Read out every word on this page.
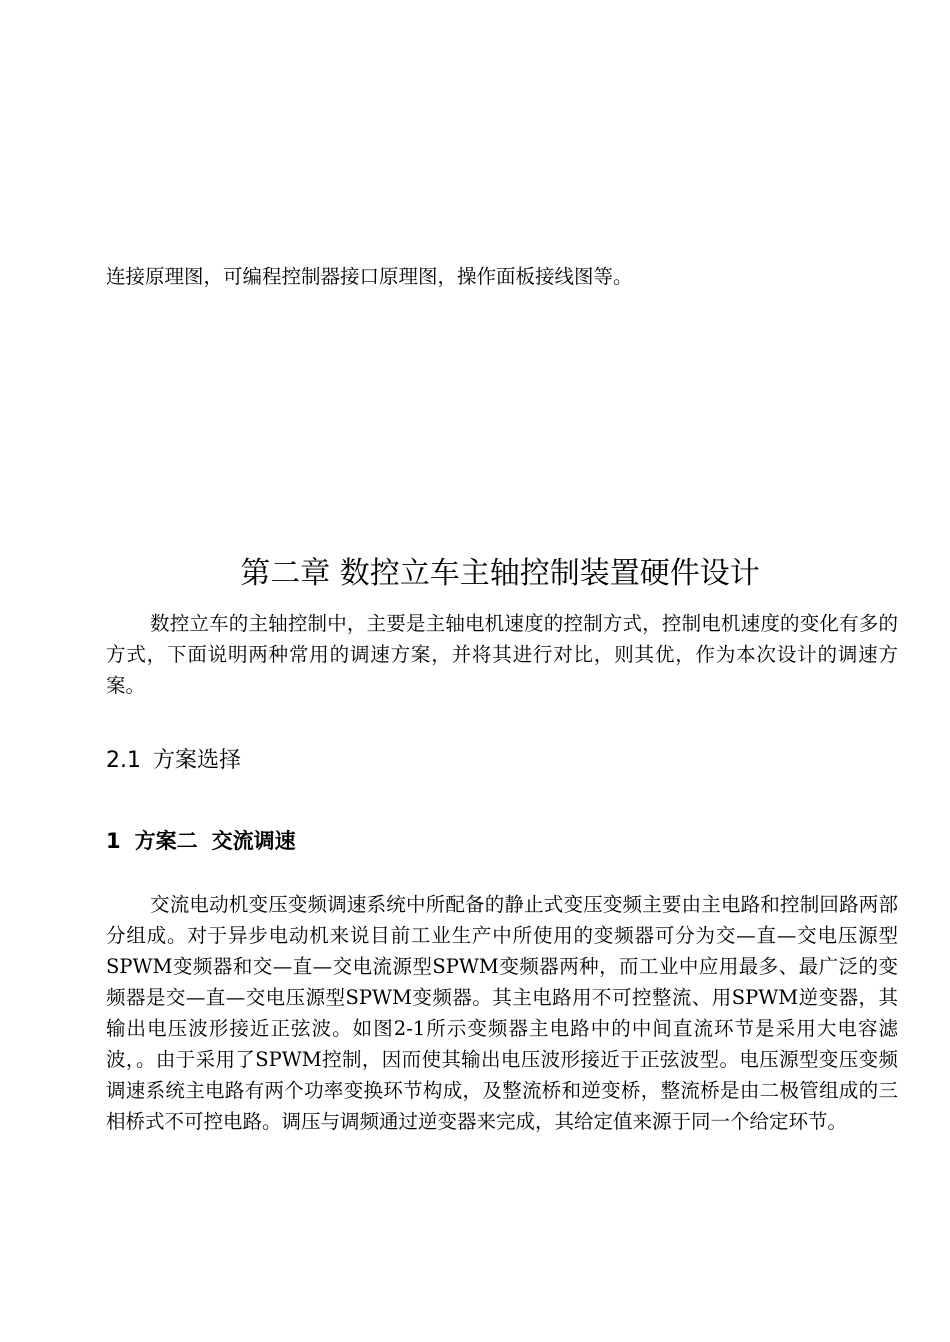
连接原理图，可编程控制器接口原理图，操作面板接线图等。

第二章 数控立车主轴控制装置硬件设计

数控立车的主轴控制中，主要是主轴电机速度的控制方式，控制电机速度的变化有多的方式，下面说明两种常用的调速方案，并将其进行对比，则其优，作为本次设计的调速方案。

2.1 方案选择
1 方案二 交流调速

交流电动机变压变频调速系统中所配备的静止式变压变频主要由主电路和控制回路两部分组成。对于异步电动机来说目前工业生产中所使用的变频器可分为交—直—交电压源型SPWM变频器和交—直—交电流源型SPWM变频器两种，而工业中应用最多、最广泛的变频器是交—直—交电压源型SPWM变频器。其主电路用不可控整流、用SPWM逆变器，其输出电压波形接近正弦波。如图2-1所示变频器主电路中的中间直流环节是采用大电容滤波，。由于采用了SPWM控制，因而使其输出电压波形接近于正弦波型。电压源型变压变频调速系统主电路有两个功率变换环节构成，及整流桥和逆变桥，整流桥是由二极管组成的三相桥式不可控电路。调压与调频通过逆变器来完成，其给定值来源于同一个给定环节。
